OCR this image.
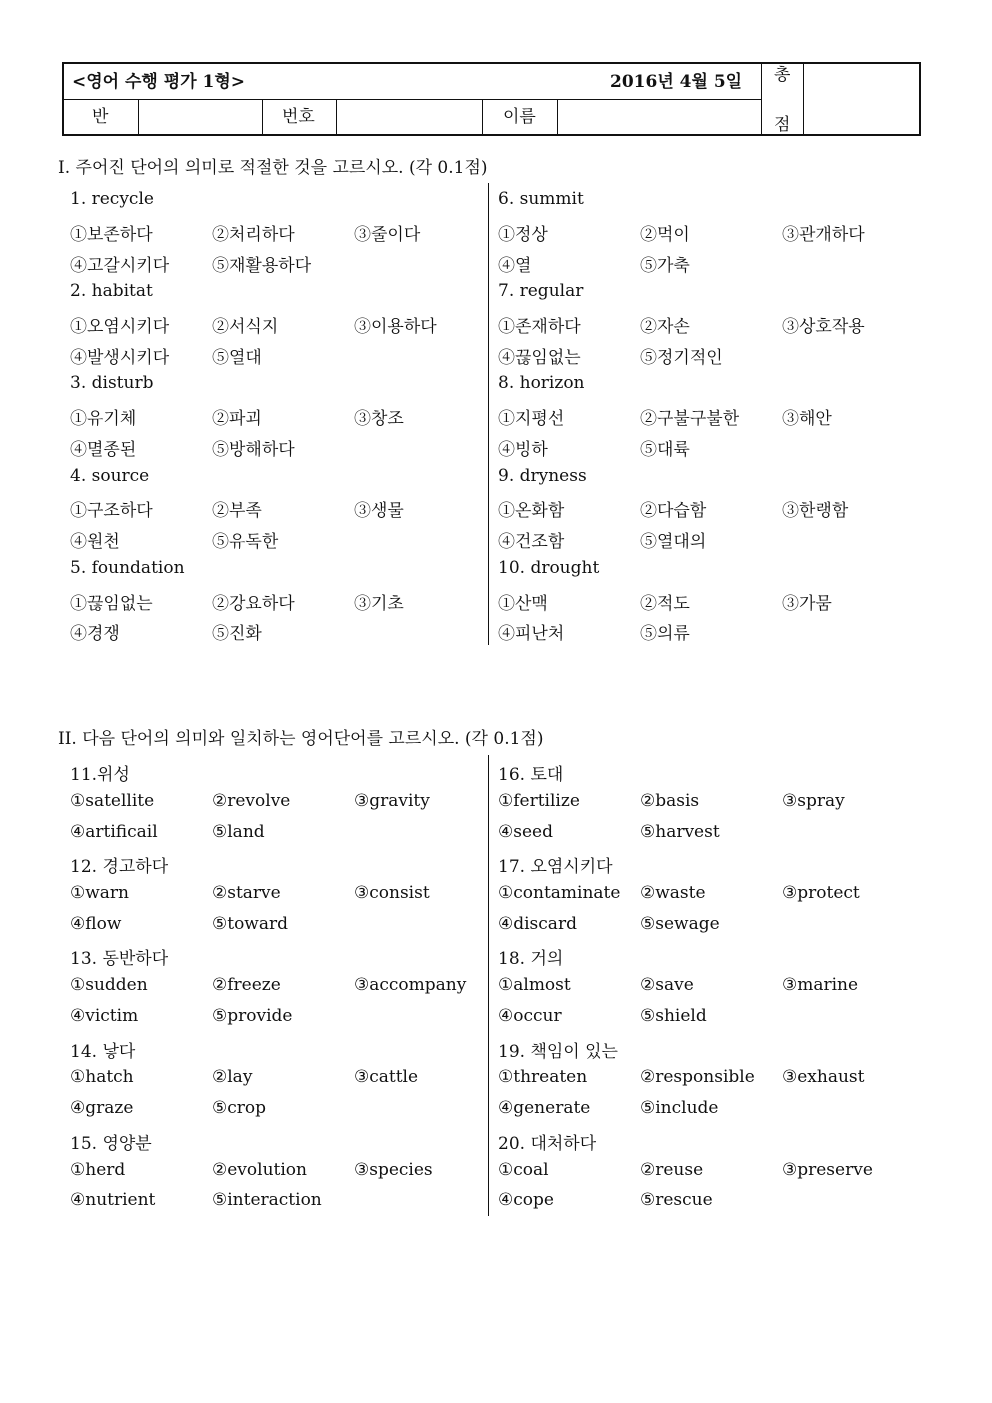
<영어 수행 평가 1형>	2016년 4월 5일 총
점
반	번호	이름
I. 주어진 단어의 의미로 적절한 것을 고르시오. (각 0.1점)
1. recycle
①보존하다	②처리하다	③줄이다
④고갈시키다	⑤재활용하다
2. habitat
①오염시키다	②서식지	③이용하다
④발생시키다	⑤열대
3. disturb
①유기체	②파괴	③창조
④멸종된	⑤방해하다
4. source
①구조하다	②부족	③생물
④원천	⑤유독한
5. foundation
①끊임없는	②강요하다	③기초
④경쟁	⑤진화
6. summit
①정상	②먹이	③관개하다
④열	⑤가축
7. regular
①존재하다	②자손	③상호작용
④끊임없는	⑤정기적인
8. horizon
①지평선	②구불구불한	③해안
④빙하	⑤대륙
9. dryness
①온화함	②다습함	③한랭함
④건조함	⑤열대의
10. drought
①산맥	②적도	③가뭄
④피난처	⑤의류
II. 다음 단어의 의미와 일치하는 영어단어를 고르시오. (각 0.1점)
11.위성
①satellite	②revolve	③gravity
④artificail	⑤land
12. 경고하다
①warn	②starve	③consist
④flow	⑤toward
13. 동반하다
①sudden	②freeze	③accompany
④victim	⑤provide
14. 낳다
①hatch	②lay	③cattle
④graze	⑤crop
15. 영양분
①herd	②evolution	③species
④nutrient	⑤interaction
16. 토대
①fertilize	②basis	③spray
④seed	⑤harvest
17. 오염시키다
①contaminate ②waste	③protect
④discard	⑤sewage
18. 거의
①almost	②save	③marine
④occur	⑤shield
19. 책임이 있는
①threaten	②responsible ③exhaust
④generate	⑤include
20. 대처하다
①coal	②reuse	③preserve
④cope	⑤rescue
